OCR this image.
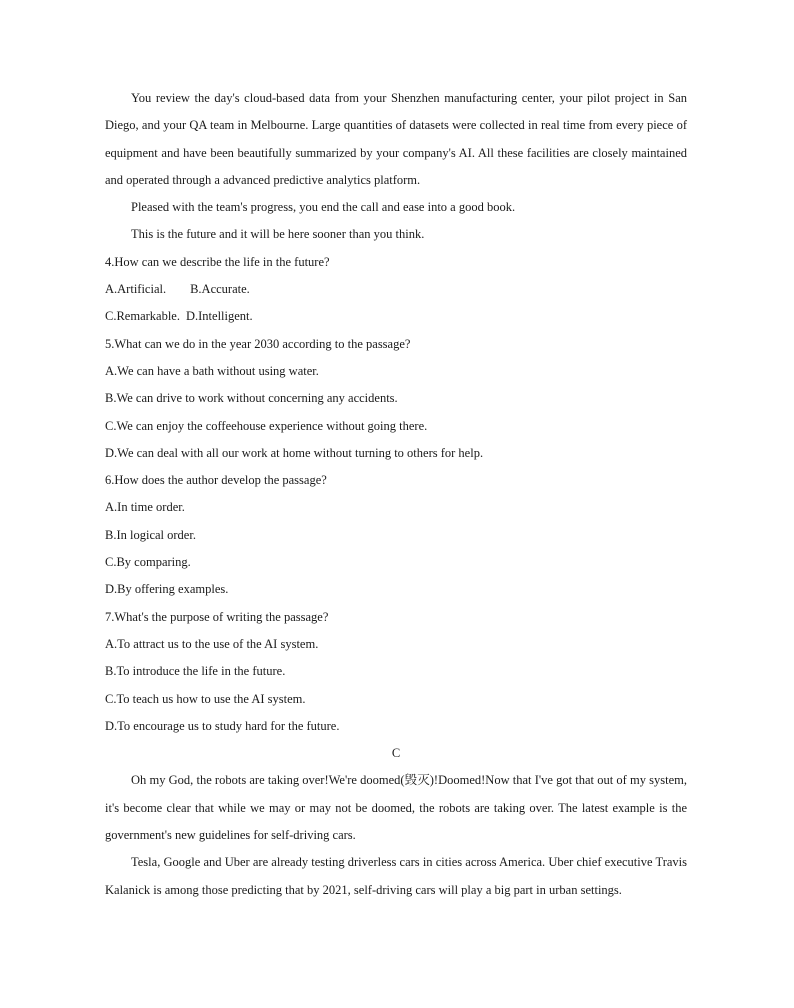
You review the day's cloud-based data from your Shenzhen manufacturing center, your pilot project in San Diego, and your QA team in Melbourne. Large quantities of datasets were collected in real time from every piece of equipment and have been beautifully summarized by your company's AI. All these facilities are closely maintained and operated through a advanced predictive analytics platform.

Pleased with the team's progress, you end the call and ease into a good book.

This is the future and it will be here sooner than you think.

4.How can we describe the life in the future?

A.Artificial. B.Accurate.

C.Remarkable. D.Intelligent.

5.What can we do in the year 2030 according to the passage?

A.We can have a bath without using water.

B.We can drive to work without concerning any accidents.

C.We can enjoy the coffeehouse experience without going there.

D.We can deal with all our work at home without turning to others for help.

6.How does the author develop the passage?

A.In time order.

B.In logical order.

C.By comparing.

D.By offering examples.

7.What's the purpose of writing the passage?

A.To attract us to the use of the AI system.

B.To introduce the life in the future.

C.To teach us how to use the AI system.

D.To encourage us to study hard for the future.

C

Oh my God, the robots are taking over!We're doomed(毁灭)!Doomed!Now that I've got that out of my system, it's become clear that while we may or may not be doomed, the robots are taking over. The latest example is the government's new guidelines for self-driving cars.

Tesla, Google and Uber are already testing driverless cars in cities across America. Uber chief executive Travis Kalanick is among those predicting that by 2021, self-driving cars will play a big part in urban settings.
